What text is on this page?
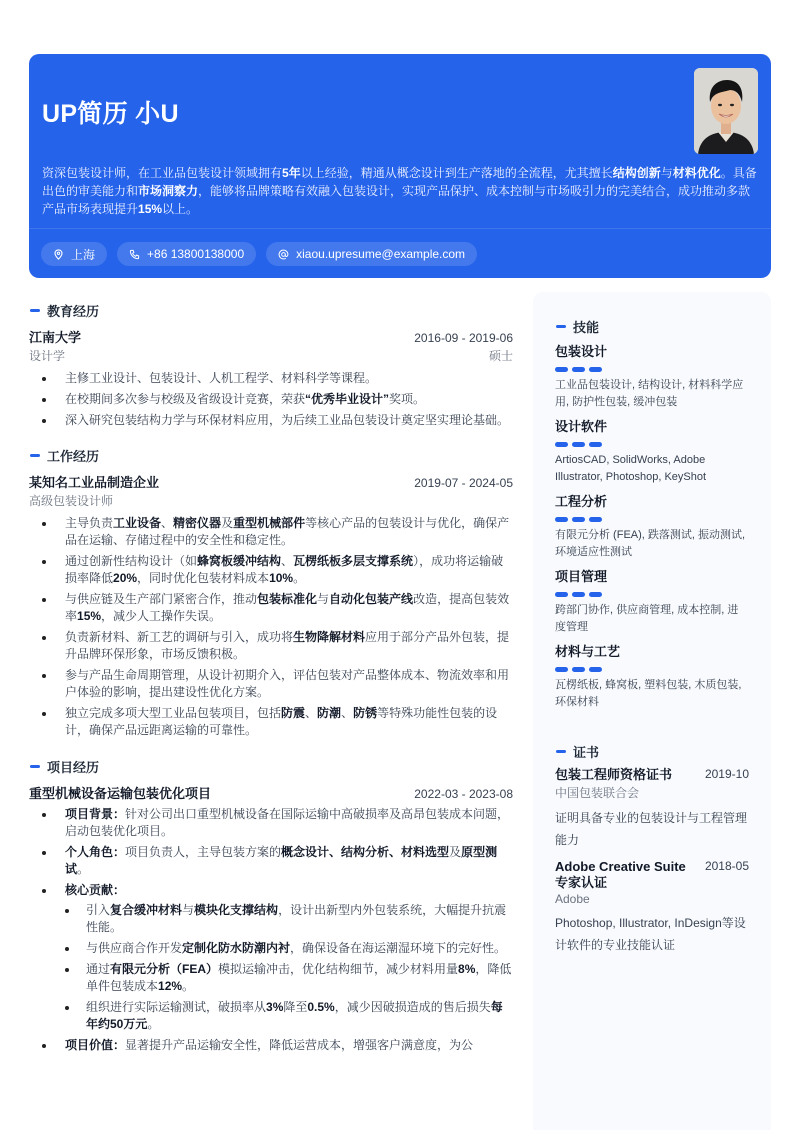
UP简历 小U
资深包装设计师，在工业品包装设计领域拥有5年以上经验，精通从概念设计到生产落地的全流程，尤其擅长结构创新与材料优化。具备出色的审美能力和市场洞察力，能够将品牌策略有效融入包装设计，实现产品保护、成本控制与市场吸引力的完美结合，成功推动多款产品市场表现提升15%以上。
上海	+86 13800138000	xiaou.upresume@example.com
教育经历
江南大学	2016-09 - 2019-06
设计学	硕士
主修工业设计、包装设计、人机工程学、材料科学等课程。
在校期间多次参与校级及省级设计竞赛，荣获“优秀毕业设计”奖项。
深入研究包装结构力学与环保材料应用，为后续工业品包装设计奠定坚实理论基础。
工作经历
某知名工业品制造企业	2019-07 - 2024-05
高级包装设计师
主导负责工业设备、精密仪器及重型机械部件等核心产品的包装设计与优化，确保产品在运输、存储过程中的安全性和稳定性。
通过创新性结构设计（如蜂窝板缓冲结构、瓦楞纸板多层支撑系统），成功将运输破损率降低20%，同时优化包装材料成本10%。
与供应链及生产部门紧密合作，推动包装标准化与自动化包装产线改造，提高包装效率15%，减少人工操作失误。
负责新材料、新工艺的调研与引入，成功将生物降解材料应用于部分产品外包装，提升品牌环保形象，市场反馈积极。
参与产品生命周期管理，从设计初期介入，评估包装对产品整体成本、物流效率和用户体验的影响，提出建设性优化方案。
独立完成多项大型工业品包装项目，包括防震、防潮、防锈等特殊功能性包装的设计，确保产品远距离运输的可靠性。
项目经历
重型机械设备运输包装优化项目	2022-03 - 2023-08
项目背景：针对公司出口重型机械设备在国际运输中高破损率及高昂包装成本问题，启动包装优化项目。
个人角色：项目负责人，主导包装方案的概念设计、结构分析、材料选型及原型测试。
核心贡献：
引入复合缓冲材料与模块化支撑结构，设计出新型内外包装系统，大幅提升抗震性能。
与供应商合作开发定制化防水防潮内衬，确保设备在海运潮湿环境下的完好性。
通过有限元分析（FEA）模拟运输冲击，优化结构细节，减少材料用量8%，降低单件包装成本12%。
组织进行实际运输测试，破损率从3%降至0.5%，减少因破损造成的售后损失每年约50万元。
项目价值：显著提升产品运输安全性，降低运营成本，增强客户满意度，为公
技能
包装设计
工业品包装设计, 结构设计, 材料科学应用, 防护性包装, 缓冲包装
设计软件
ArtiosCAD, SolidWorks, Adobe Illustrator, Photoshop, KeyShot
工程分析
有限元分析 (FEA), 跌落测试, 振动测试, 环境适应性测试
项目管理
跨部门协作, 供应商管理, 成本控制, 进度管理
材料与工艺
瓦楞纸板, 蜂窝板, 塑料包装, 木质包装, 环保材料
证书
包装工程师资格证书	2019-10
中国包装联合会
证明具备专业的包装设计与工程管理能力
Adobe Creative Suite 专家认证
2018-05
Adobe
Photoshop, Illustrator, InDesign等设计软件的专业技能认证
